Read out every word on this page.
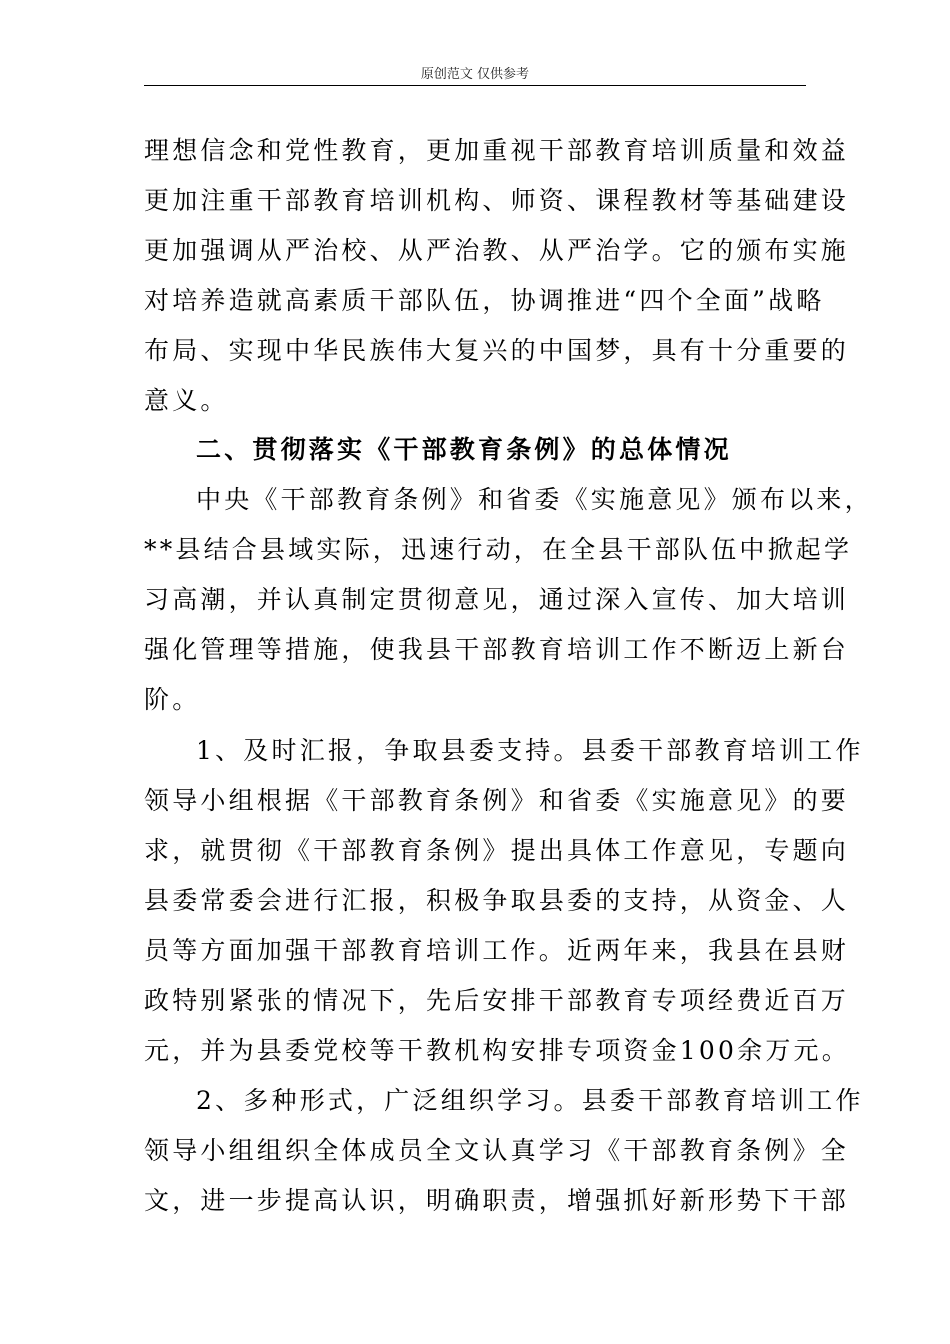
原创范文 仅供参考
理想信念和党性教育，更加重视干部教育培训质量和效益
更加注重干部教育培训机构、师资、课程教材等基础建设
更加强调从严治校、从严治教、从严治学。它的颁布实施
对培养造就高素质干部队伍，协调推进“四个全面”战略
布局、实现中华民族伟大复兴的中国梦，具有十分重要的
意义。
二、贯彻落实《干部教育条例》的总体情况
中央《干部教育条例》和省委《实施意见》颁布以来，
**县结合县域实际，迅速行动，在全县干部队伍中掀起学
习高潮，并认真制定贯彻意见，通过深入宣传、加大培训
强化管理等措施，使我县干部教育培训工作不断迈上新台
阶。
1、及时汇报，争取县委支持。县委干部教育培训工作
领导小组根据《干部教育条例》和省委《实施意见》的要
求，就贯彻《干部教育条例》提出具体工作意见，专题向
县委常委会进行汇报，积极争取县委的支持，从资金、人
员等方面加强干部教育培训工作。近两年来，我县在县财
政特别紧张的情况下，先后安排干部教育专项经费近百万
元，并为县委党校等干教机构安排专项资金100余万元。
2、多种形式，广泛组织学习。县委干部教育培训工作
领导小组组织全体成员全文认真学习《干部教育条例》全
文，进一步提高认识，明确职责，增强抓好新形势下干部
